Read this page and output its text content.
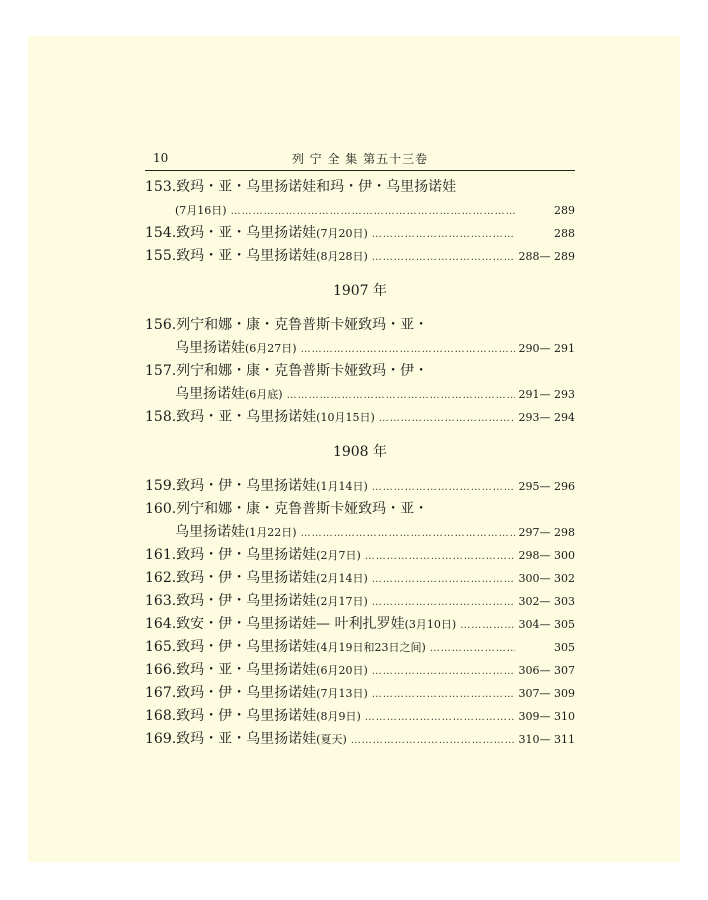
10	列 宁 全 集 第五十三卷
153.致玛・亚・乌里扬诺娃和玛・伊・乌里扬诺娃
(7月16日) ……………………………………………………………………………………………………………………………	289
154.致玛・亚・乌里扬诺娃(7月20日) ……………………………………………………………………………………………………………………………	288
155.致玛・亚・乌里扬诺娃(8月28日) ……………………………………………………………………………………………………………………………	288— 289
1907 年
156.列宁和娜・康・克鲁普斯卡娅致玛・亚・
乌里扬诺娃(6月27日) ……………………………………………………………………………………………………………………………	290— 291
157.列宁和娜・康・克鲁普斯卡娅致玛・伊・
乌里扬诺娃(6月底) ……………………………………………………………………………………………………………………………	291— 293
158.致玛・亚・乌里扬诺娃(10月15日) ……………………………………………………………………………………………………………………………	293— 294
1908 年
159.致玛・伊・乌里扬诺娃(1月14日) ……………………………………………………………………………………………………………………………	295— 296
160.列宁和娜・康・克鲁普斯卡娅致玛・亚・
乌里扬诺娃(1月22日) ……………………………………………………………………………………………………………………………	297— 298
161.致玛・伊・乌里扬诺娃(2月7日) ……………………………………………………………………………………………………………………………	298— 300
162.致玛・伊・乌里扬诺娃(2月14日) ……………………………………………………………………………………………………………………………	300— 302
163.致玛・伊・乌里扬诺娃(2月17日) ……………………………………………………………………………………………………………………………	302— 303
164.致安・伊・乌里扬诺娃— 叶利扎罗娃(3月10日) ……………………………………………………………………………………………………………………………	304— 305
165.致玛・伊・乌里扬诺娃(4月19日和23日之间) ……………………………………………………………………………………………………………………………	305
166.致玛・亚・乌里扬诺娃(6月20日) ……………………………………………………………………………………………………………………………	306— 307
167.致玛・伊・乌里扬诺娃(7月13日) ……………………………………………………………………………………………………………………………	307— 309
168.致玛・伊・乌里扬诺娃(8月9日) ……………………………………………………………………………………………………………………………	309— 310
169.致玛・亚・乌里扬诺娃(夏天) ……………………………………………………………………………………………………………………………	310— 311
